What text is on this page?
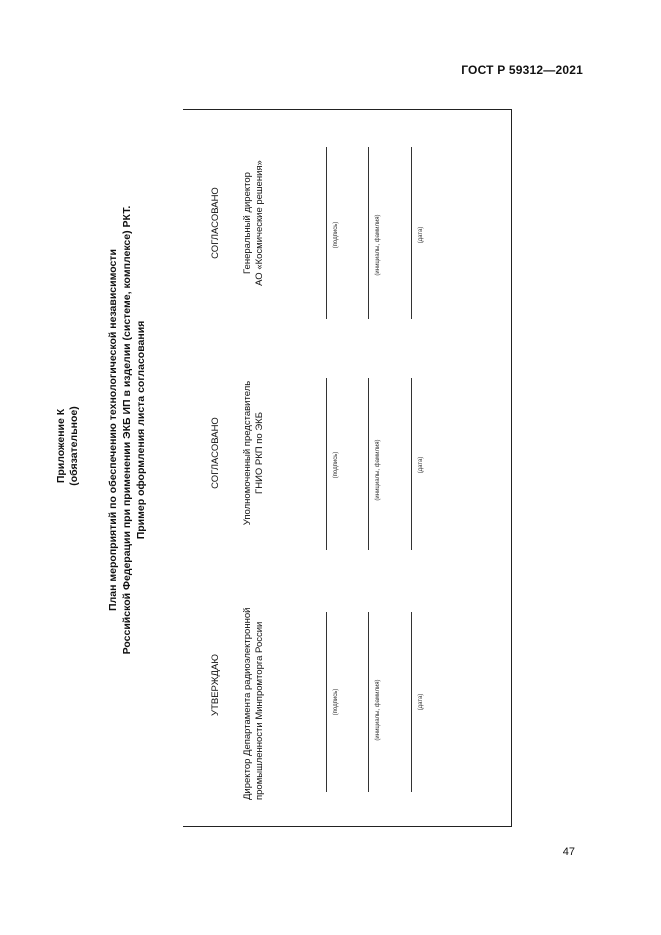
ГОСТ Р 59312—2021
Приложение К (обязательное)	План мероприятий по обеспечению технологической независимости Российской Федерации при применении ЭКБ ИП в изделии (системе, комплексе) РКТ. Пример оформления листа согласования
УТВЕРЖДАЮ Директор Департамента радиоэлектронной промышленности Минпромторга России	(подпись)	(инициалы, фамилия)	(дата)
СОГЛАСОВАНО Уполномоченный представитель ГНИО РКП по ЭКБ	(подпись)	(инициалы, фамилия)	(дата)
СОГЛАСОВАНО Генеральный директор АО «Космические решения»	(подпись)	(инициалы, фамилия)	(дата)
47
